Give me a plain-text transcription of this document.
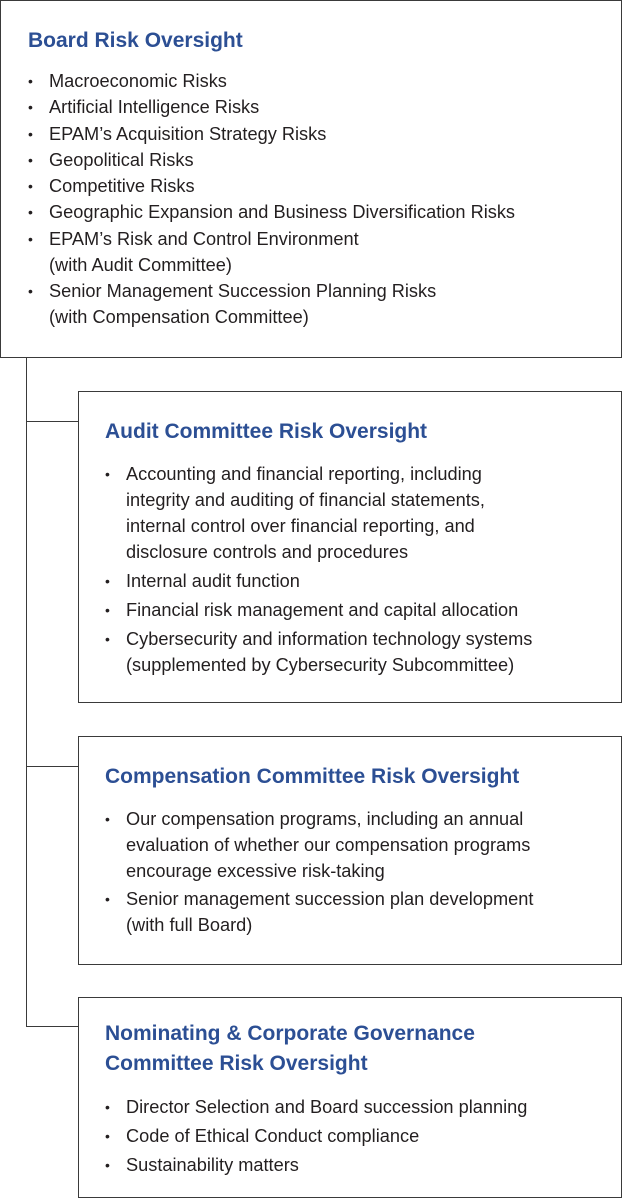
Board Risk Oversight
• Macroeconomic Risks
• Artificial Intelligence Risks
• EPAM’s Acquisition Strategy Risks
• Geopolitical Risks
• Competitive Risks
• Geographic Expansion and Business Diversification Risks
• EPAM’s Risk and Control Environment
(with Audit Committee)
• Senior Management Succession Planning Risks
(with Compensation Committee)
Audit Committee Risk Oversight
• Accounting and financial reporting, including
integrity and auditing of financial statements,
internal control over financial reporting, and
disclosure controls and procedures
• Internal audit function
• Financial risk management and capital allocation
• Cybersecurity and information technology systems
(supplemented by Cybersecurity Subcommittee)
Compensation Committee Risk Oversight
• Our compensation programs, including an annual
evaluation of whether our compensation programs
encourage excessive risk-taking
• Senior management succession plan development
(with full Board)
Nominating & Corporate Governance
Committee Risk Oversight
• Director Selection and Board succession planning
• Code of Ethical Conduct compliance
• Sustainability matters
